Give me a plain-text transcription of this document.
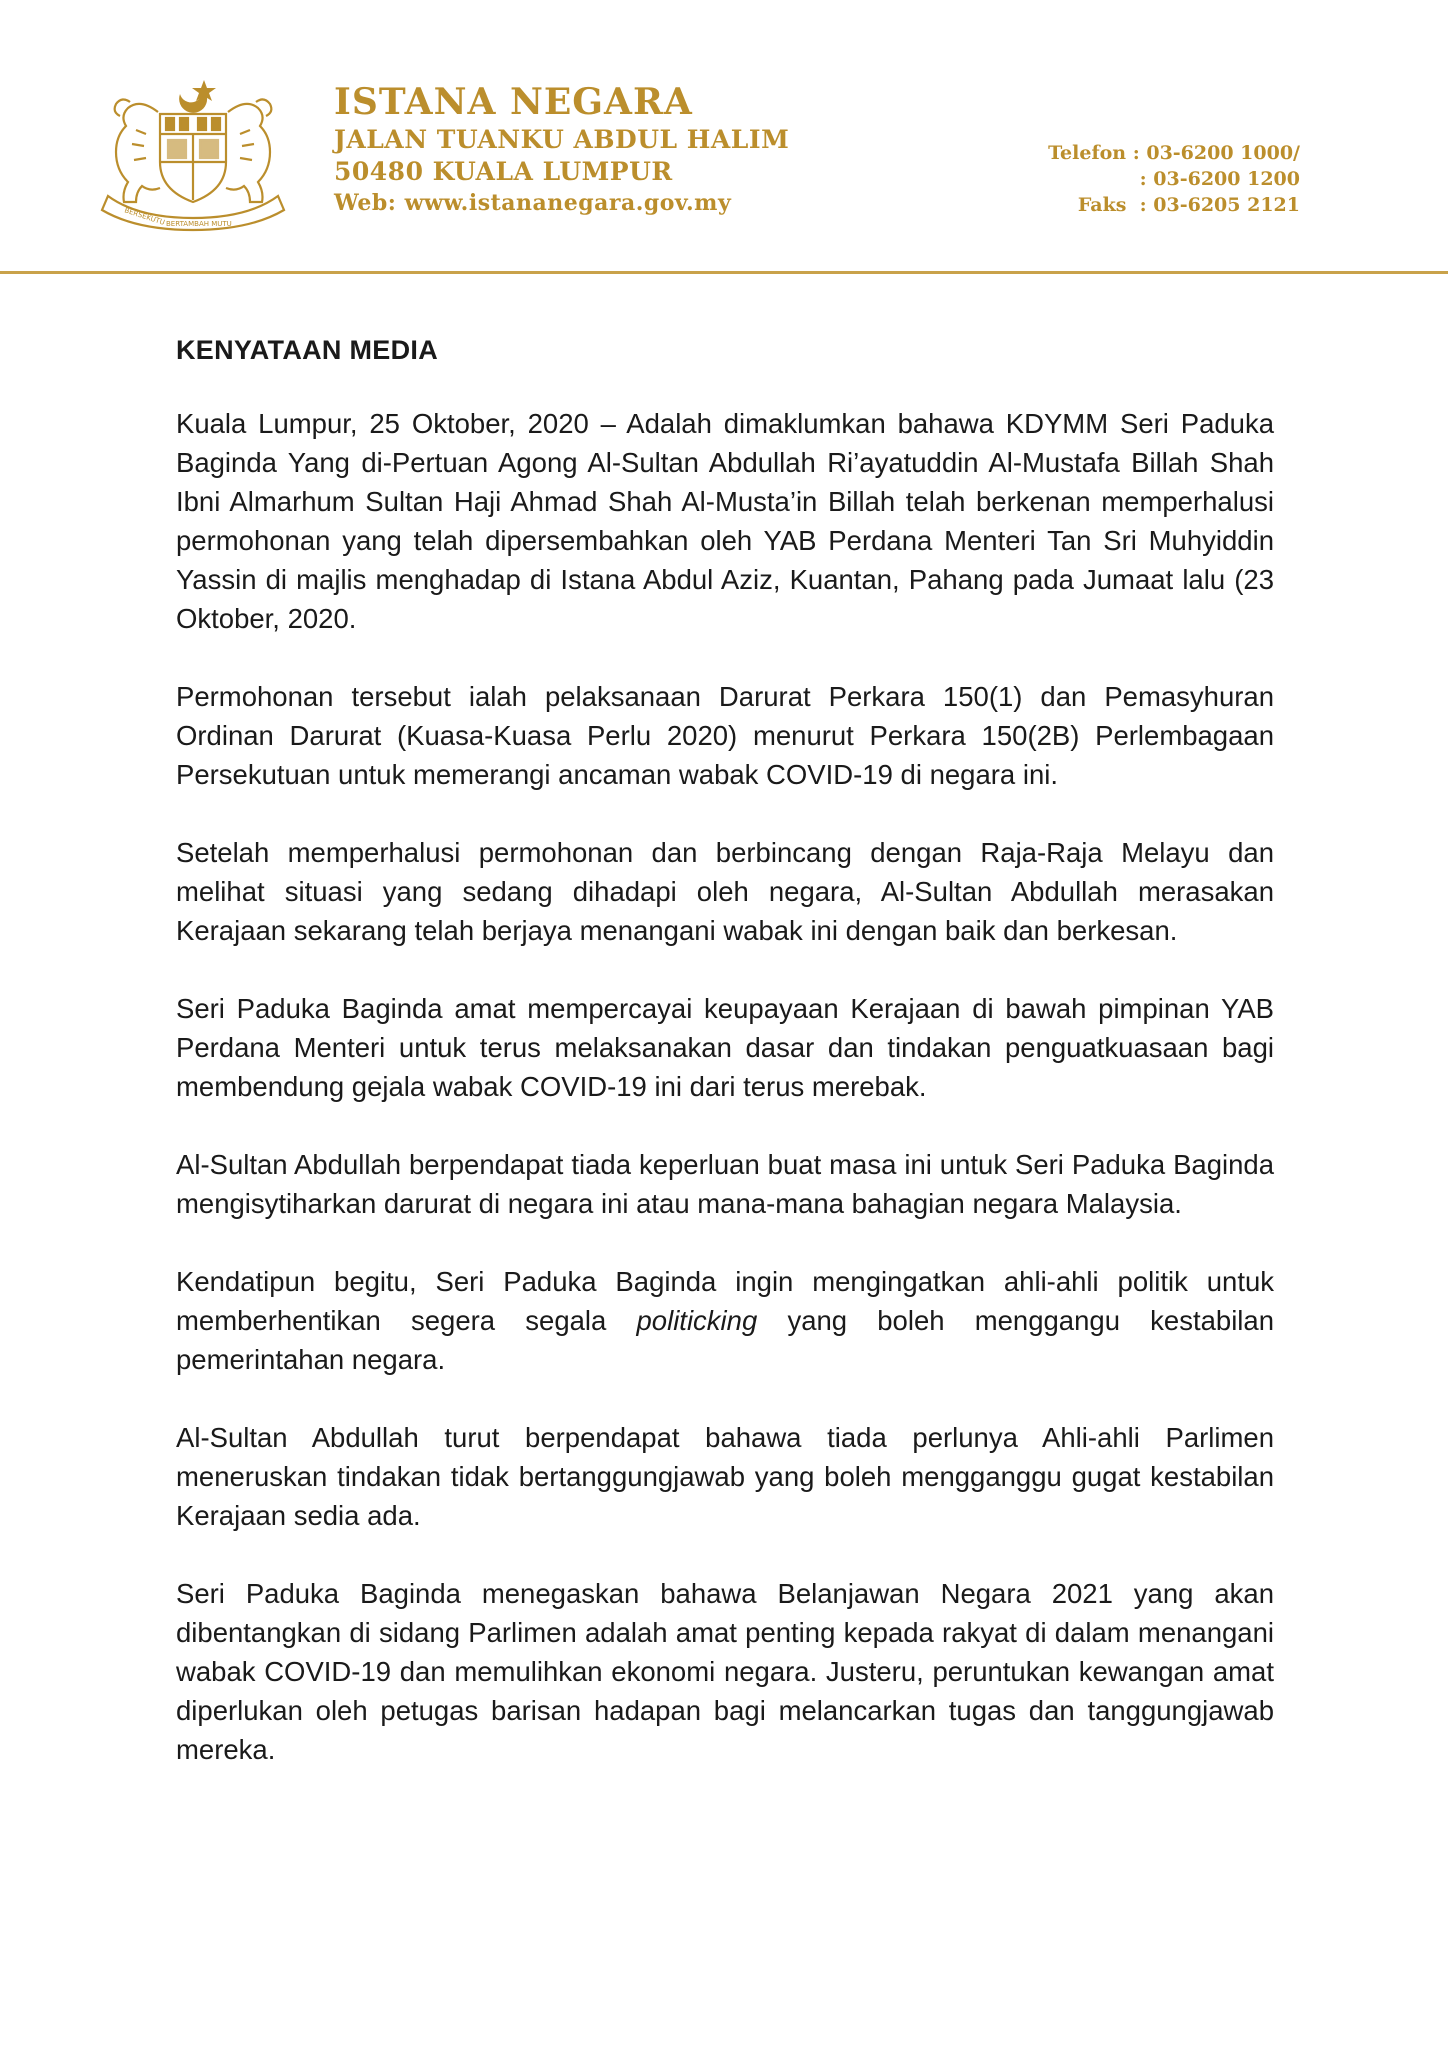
BERSEKUTU BERTAMBAH MUTU
ISTANA NEGARA
JALAN TUANKU ABDUL HALIM
50480 KUALA LUMPUR
Web: www.istananegara.gov.my
Telefon : 03-6200 1000/
: 03-6200 1200
Faks  : 03-6205 2121
KENYATAAN MEDIA

Kuala Lumpur, 25 Oktober, 2020 – Adalah dimaklumkan bahawa KDYMM Seri Paduka Baginda Yang di-Pertuan Agong Al-Sultan Abdullah Ri’ayatuddin Al-Mustafa Billah Shah Ibni Almarhum Sultan Haji Ahmad Shah Al-Musta’in Billah telah berkenan memperhalusi permohonan yang telah dipersembahkan oleh YAB Perdana Menteri Tan Sri Muhyiddin Yassin di majlis menghadap di Istana Abdul Aziz, Kuantan, Pahang pada Jumaat lalu (23 Oktober, 2020.

Permohonan tersebut ialah pelaksanaan Darurat Perkara 150(1) dan Pemasyhuran Ordinan Darurat (Kuasa-Kuasa Perlu 2020) menurut Perkara 150(2B) Perlembagaan Persekutuan untuk memerangi ancaman wabak COVID-19 di negara ini.

Setelah memperhalusi permohonan dan berbincang dengan Raja-Raja Melayu dan melihat situasi yang sedang dihadapi oleh negara, Al-Sultan Abdullah merasakan Kerajaan sekarang telah berjaya menangani wabak ini dengan baik dan berkesan.

Seri Paduka Baginda amat mempercayai keupayaan Kerajaan di bawah pimpinan YAB Perdana Menteri untuk terus melaksanakan dasar dan tindakan penguatkuasaan bagi membendung gejala wabak COVID-19 ini dari terus merebak.

Al-Sultan Abdullah berpendapat tiada keperluan buat masa ini untuk Seri Paduka Baginda mengisytiharkan darurat di negara ini atau mana-mana bahagian negara Malaysia.

Kendatipun begitu, Seri Paduka Baginda ingin mengingatkan ahli-ahli politik untuk memberhentikan segera segala politicking yang boleh menggangu kestabilan pemerintahan negara.

Al-Sultan Abdullah turut berpendapat bahawa tiada perlunya Ahli-ahli Parlimen meneruskan tindakan tidak bertanggungjawab yang boleh mengganggu gugat kestabilan Kerajaan sedia ada.

Seri Paduka Baginda menegaskan bahawa Belanjawan Negara 2021 yang akan dibentangkan di sidang Parlimen adalah amat penting kepada rakyat di dalam menangani wabak COVID-19 dan memulihkan ekonomi negara. Justeru, peruntukan kewangan amat diperlukan oleh petugas barisan hadapan bagi melancarkan tugas dan tanggungjawab mereka.
